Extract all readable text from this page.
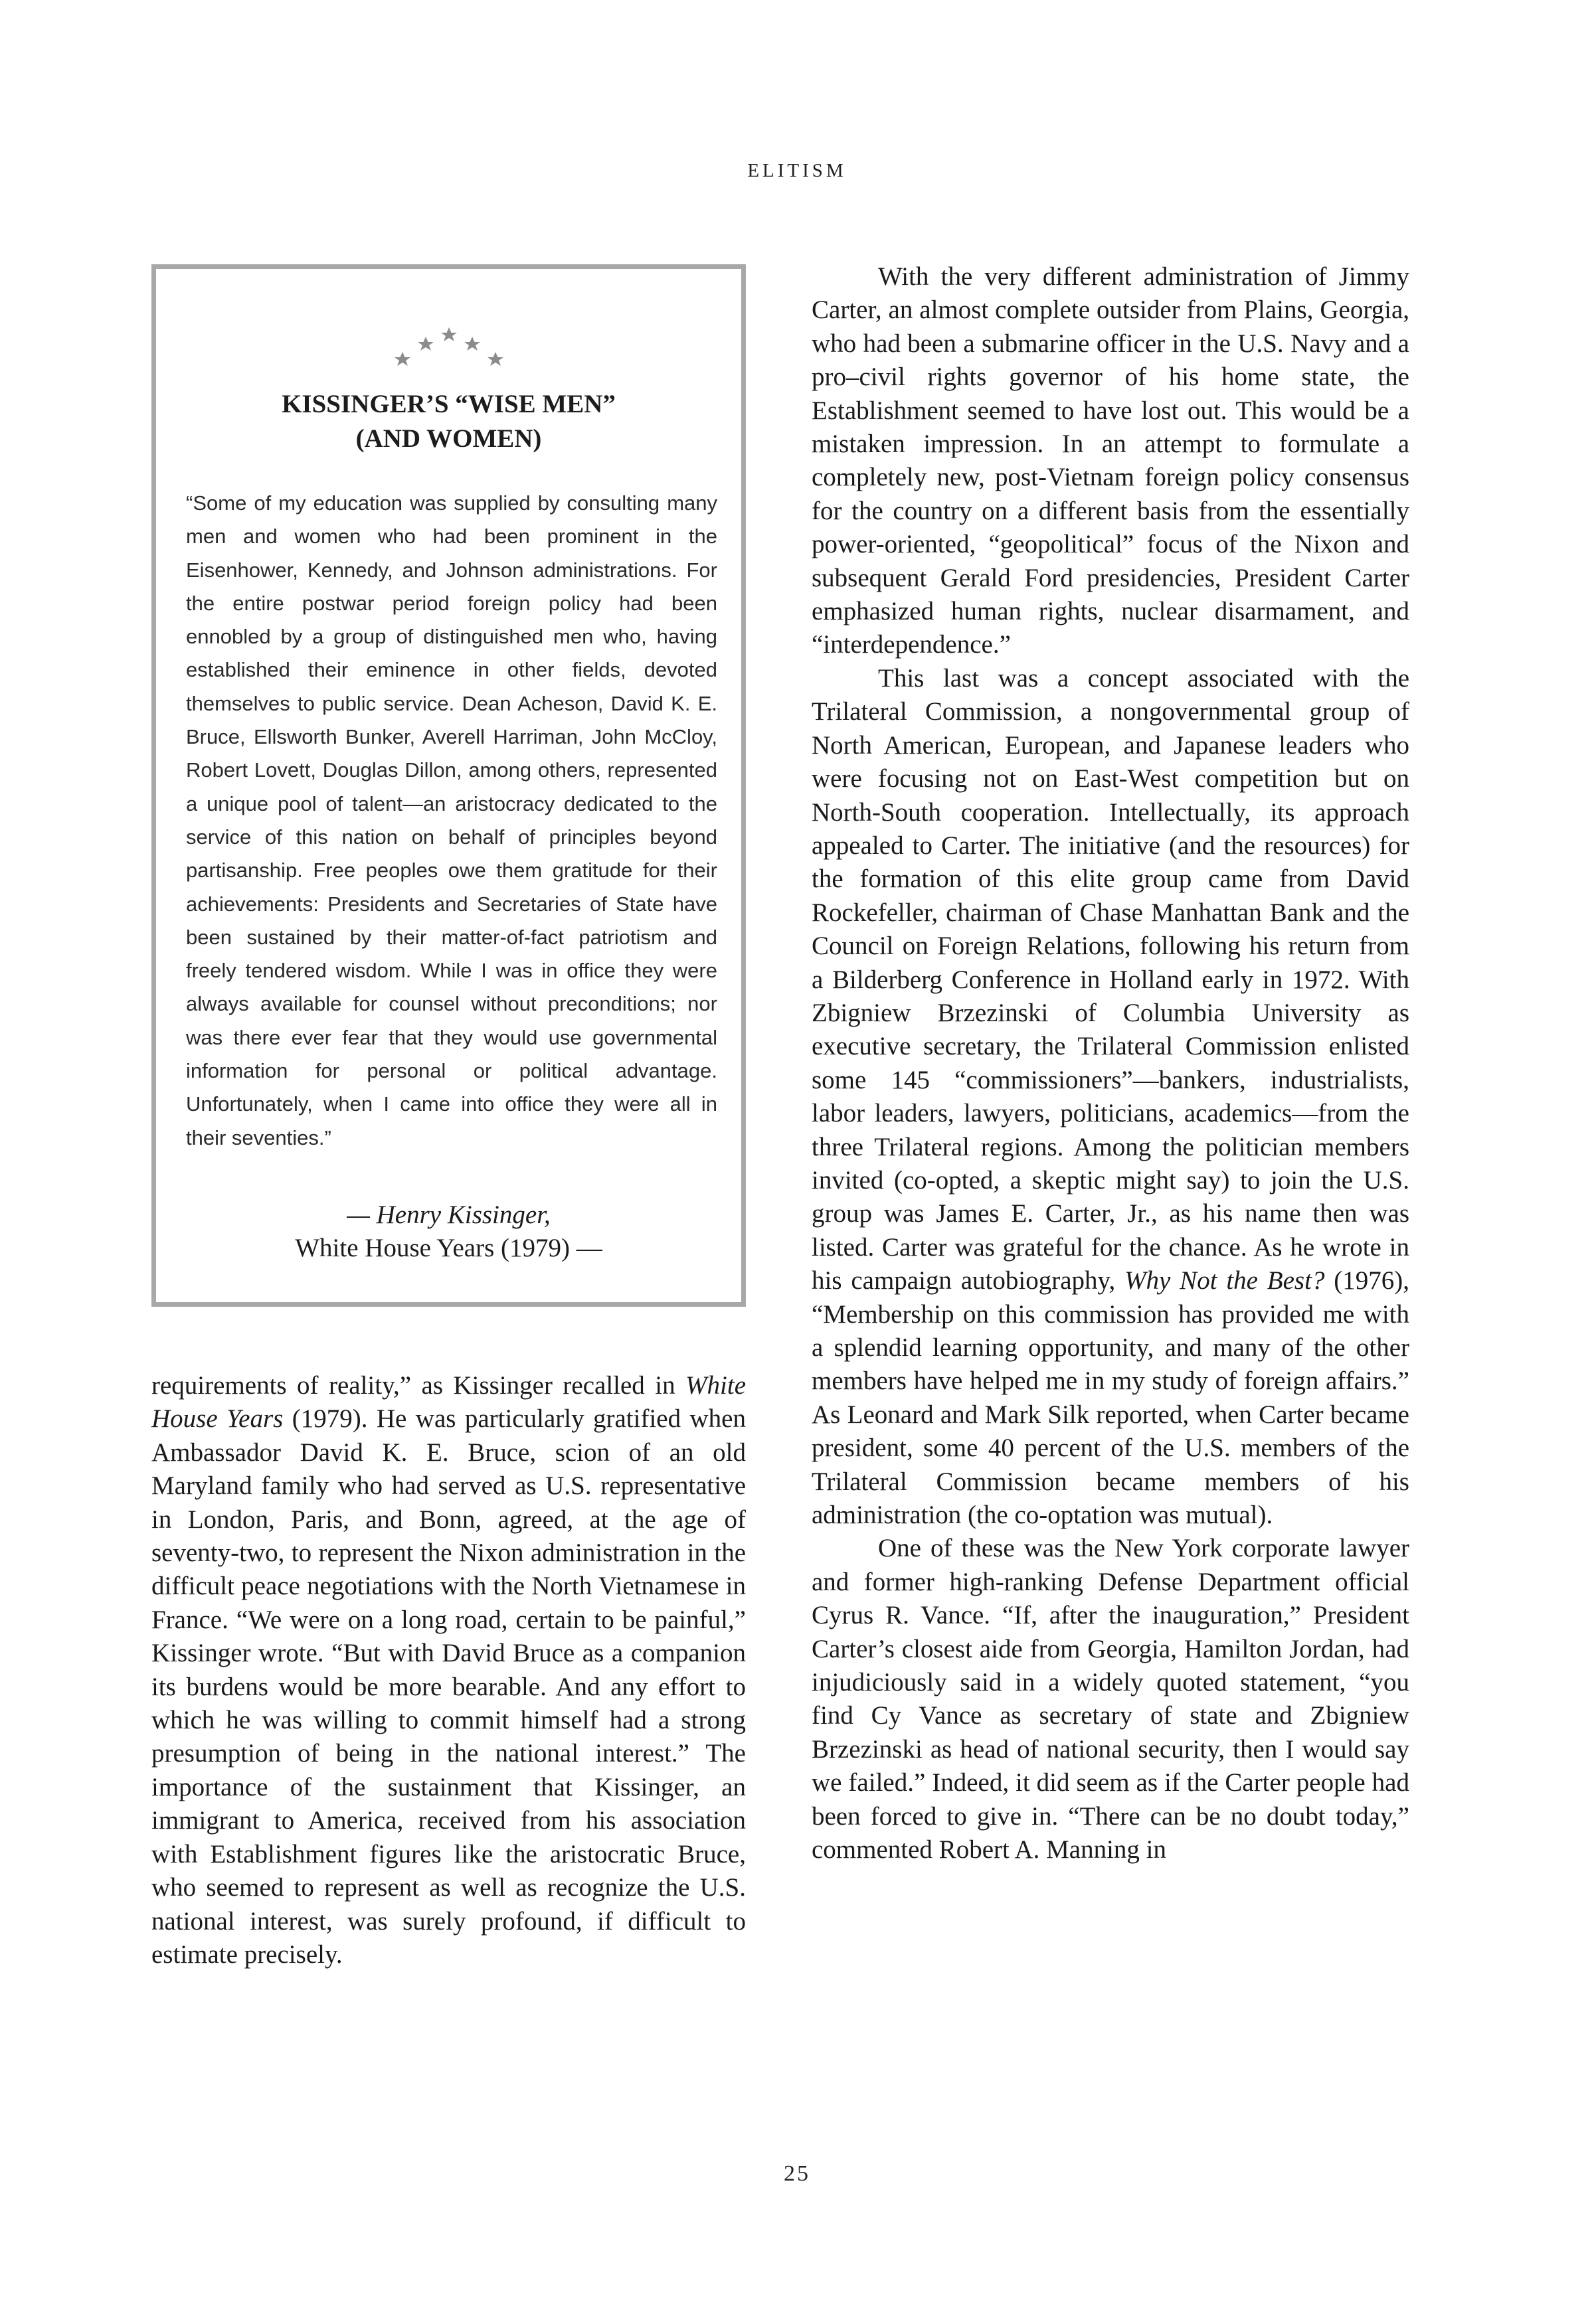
ELITISM
KISSINGER’S “WISE MEN”
(AND WOMEN)

“Some of my education was supplied by consulting many men and women who had been prominent in the Eisenhower, Kennedy, and Johnson administrations. For the entire postwar period foreign policy had been ennobled by a group of distinguished men who, having established their eminence in other fields, devoted themselves to public service. Dean Acheson, David K. E. Bruce, Ellsworth Bunker, Averell Harriman, John McCloy, Robert Lovett, Douglas Dillon, among others, represented a unique pool of talent—an aristocracy dedicated to the service of this nation on behalf of principles beyond partisanship. Free peoples owe them gratitude for their achievements: Presidents and Secretaries of State have been sustained by their matter-of-fact patriotism and freely tendered wisdom. While I was in office they were always available for counsel without preconditions; nor was there ever fear that they would use governmental information for personal or political advantage. Unfortunately, when I came into office they were all in their seventies.”

— Henry Kissinger,
White House Years (1979) —

requirements of reality,” as Kissinger recalled in White House Years (1979). He was particularly gratified when Ambassador David K. E. Bruce, scion of an old Maryland family who had served as U.S. representative in London, Paris, and Bonn, agreed, at the age of seventy-two, to represent the Nixon administration in the difficult peace negotiations with the North Vietnamese in France. “We were on a long road, certain to be painful,” Kissinger wrote. “But with David Bruce as a companion its burdens would be more bearable. And any effort to which he was willing to commit himself had a strong presumption of being in the national interest.” The importance of the sustainment that Kissinger, an immigrant to America, received from his association with Establishment figures like the aristocratic Bruce, who seemed to represent as well as recognize the U.S. national interest, was surely profound, if difficult to estimate precisely.

With the very different administration of Jimmy Carter, an almost complete outsider from Plains, Georgia, who had been a submarine officer in the U.S. Navy and a pro–civil rights governor of his home state, the Establishment seemed to have lost out. This would be a mistaken impression. In an attempt to formulate a completely new, post-Vietnam foreign policy consensus for the country on a different basis from the essentially power-oriented, “geopolitical” focus of the Nixon and subsequent Gerald Ford presidencies, President Carter emphasized human rights, nuclear disarmament, and “interdependence.”

This last was a concept associated with the Trilateral Commission, a nongovernmental group of North American, European, and Japanese leaders who were focusing not on East-West competition but on North-South cooperation. Intellectually, its approach appealed to Carter. The initiative (and the resources) for the formation of this elite group came from David Rockefeller, chairman of Chase Manhattan Bank and the Council on Foreign Relations, following his return from a Bilderberg Conference in Holland early in 1972. With Zbigniew Brzezinski of Columbia University as executive secretary, the Trilateral Commission enlisted some 145 “commissioners”—bankers, industrialists, labor leaders, lawyers, politicians, academics—from the three Trilateral regions. Among the politician members invited (co-opted, a skeptic might say) to join the U.S. group was James E. Carter, Jr., as his name then was listed. Carter was grateful for the chance. As he wrote in his campaign autobiography, Why Not the Best? (1976), “Membership on this commission has provided me with a splendid learning opportunity, and many of the other members have helped me in my study of foreign affairs.” As Leonard and Mark Silk reported, when Carter became president, some 40 percent of the U.S. members of the Trilateral Commission became members of his administration (the co-optation was mutual).

One of these was the New York corporate lawyer and former high-ranking Defense Department official Cyrus R. Vance. “If, after the inauguration,” President Carter’s closest aide from Georgia, Hamilton Jordan, had injudiciously said in a widely quoted statement, “you find Cy Vance as secretary of state and Zbigniew Brzezinski as head of national security, then I would say we failed.” Indeed, it did seem as if the Carter people had been forced to give in. “There can be no doubt today,” commented Robert A. Manning in

25
